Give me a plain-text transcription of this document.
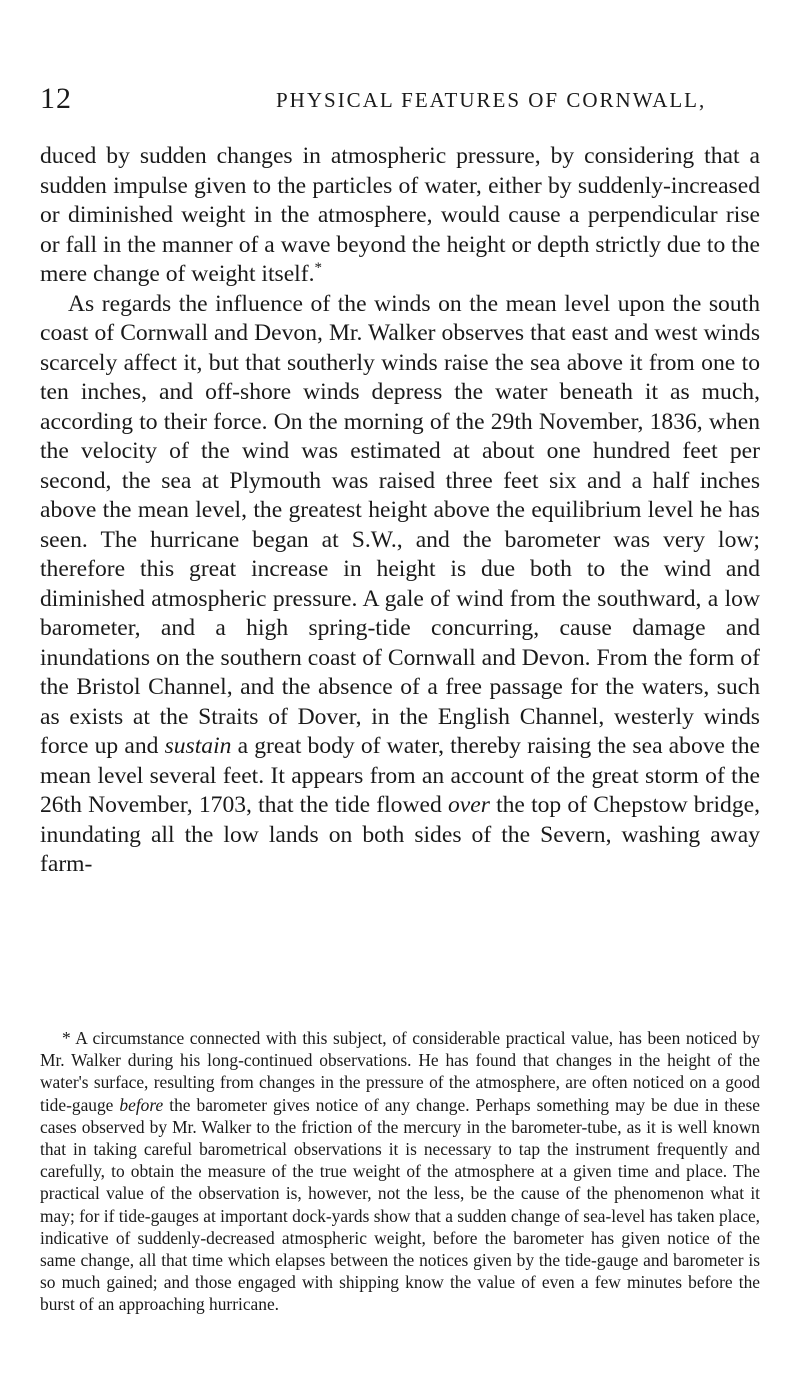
12	PHYSICAL FEATURES OF CORNWALL,

duced by sudden changes in atmospheric pressure, by considering that a sudden impulse given to the particles of water, either by suddenly-increased or diminished weight in the atmosphere, would cause a perpendicular rise or fall in the manner of a wave beyond the height or depth strictly due to the mere change of weight itself.*

As regards the influence of the winds on the mean level upon the south coast of Cornwall and Devon, Mr. Walker observes that east and west winds scarcely affect it, but that southerly winds raise the sea above it from one to ten inches, and off-shore winds depress the water beneath it as much, according to their force. On the morning of the 29th November, 1836, when the velocity of the wind was estimated at about one hundred feet per second, the sea at Plymouth was raised three feet six and a half inches above the mean level, the greatest height above the equilibrium level he has seen. The hurricane began at S.W., and the barometer was very low; therefore this great increase in height is due both to the wind and diminished atmospheric pressure. A gale of wind from the southward, a low barometer, and a high spring-tide concurring, cause damage and inundations on the southern coast of Cornwall and Devon. From the form of the Bristol Channel, and the absence of a free passage for the waters, such as exists at the Straits of Dover, in the English Channel, westerly winds force up and sustain a great body of water, thereby raising the sea above the mean level several feet. It appears from an account of the great storm of the 26th November, 1703, that the tide flowed over the top of Chepstow bridge, inundating all the low lands on both sides of the Severn, washing away farm-

* A circumstance connected with this subject, of considerable practical value, has been noticed by Mr. Walker during his long-continued observations. He has found that changes in the height of the water's surface, resulting from changes in the pressure of the atmosphere, are often noticed on a good tide-gauge before the barometer gives notice of any change. Perhaps something may be due in these cases observed by Mr. Walker to the friction of the mercury in the barometer-tube, as it is well known that in taking careful barometrical observations it is necessary to tap the instrument frequently and carefully, to obtain the measure of the true weight of the atmosphere at a given time and place. The practical value of the observation is, however, not the less, be the cause of the phenomenon what it may; for if tide-gauges at important dock-yards show that a sudden change of sea-level has taken place, indicative of suddenly-decreased atmospheric weight, before the barometer has given notice of the same change, all that time which elapses between the notices given by the tide-gauge and barometer is so much gained; and those engaged with shipping know the value of even a few minutes before the burst of an approaching hurricane.
